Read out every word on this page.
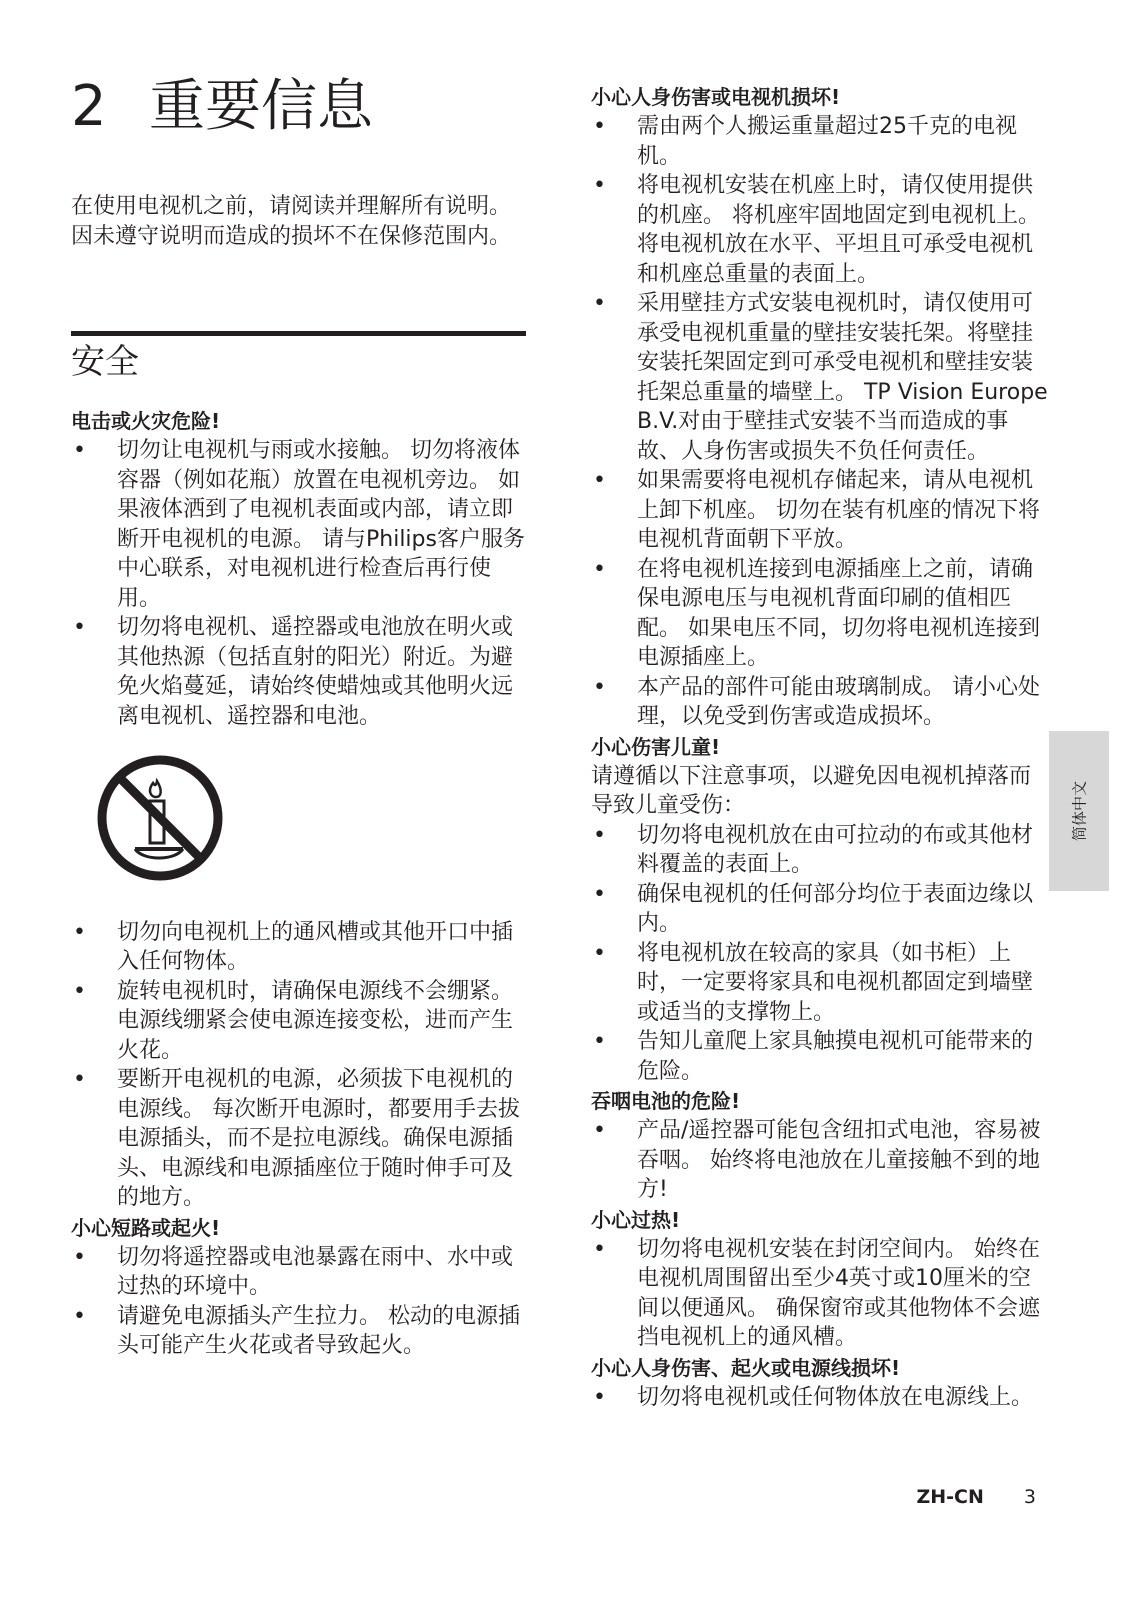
2 重要信息

在使用电视机之前，请阅读并理解所有说明。 因未遵守说明而造成的损坏不在保修范围内。

安全
电击或火灾危险!
• 切勿让电视机与雨或水接触。 切勿将液体容器（例如花瓶）放置在电视机旁边。 如果液体洒到了电视机表面或内部，请立即断开电视机的电源。 请与Philips客户服务中心联系，对电视机进行检查后再行使用。
• 切勿将电视机、遥控器或电池放在明火或其他热源（包括直射的阳光）附近。为避免火焰蔓延，请始终使蜡烛或其他明火远离电视机、遥控器和电池。
• 切勿向电视机上的通风槽或其他开口中插入任何物体。
• 旋转电视机时，请确保电源线不会绷紧。 电源线绷紧会使电源连接变松，进而产生火花。
• 要断开电视机的电源，必须拔下电视机的电源线。 每次断开电源时，都要用手去拔电源插头，而不是拉电源线。确保电源插头、电源线和电源插座位于随时伸手可及的地方。
小心短路或起火!
• 切勿将遥控器或电池暴露在雨中、水中或过热的环境中。
• 请避免电源插头产生拉力。 松动的电源插头可能产生火花或者导致起火。
小心人身伤害或电视机损坏!
• 需由两个人搬运重量超过25千克的电视机。
• 将电视机安装在机座上时，请仅使用提供的机座。 将机座牢固地固定到电视机上。 将电视机放在水平、平坦且可承受电视机和机座总重量的表面上。
• 采用壁挂方式安装电视机时，请仅使用可承受电视机重量的壁挂安装托架。将壁挂安装托架固定到可承受电视机和壁挂安装托架总重量的墙壁上。 TP Vision Europe B.V.对由于壁挂式安装不当而造成的事故、人身伤害或损失不负任何责任。
• 如果需要将电视机存储起来，请从电视机上卸下机座。 切勿在装有机座的情况下将电视机背面朝下平放。
• 在将电视机连接到电源插座上之前，请确保电源电压与电视机背面印刷的值相匹配。 如果电压不同，切勿将电视机连接到电源插座上。
• 本产品的部件可能由玻璃制成。 请小心处理，以免受到伤害或造成损坏。
小心伤害儿童!

请遵循以下注意事项，以避免因电视机掉落而导致儿童受伤：

• 切勿将电视机放在由可拉动的布或其他材料覆盖的表面上。
• 确保电视机的任何部分均位于表面边缘以内。
• 将电视机放在较高的家具（如书柜）上时，一定要将家具和电视机都固定到墙壁或适当的支撑物上。
• 告知儿童爬上家具触摸电视机可能带来的危险。
吞咽电池的危险!
• 产品/遥控器可能包含纽扣式电池，容易被吞咽。 始终将电池放在儿童接触不到的地方!
小心过热!
• 切勿将电视机安装在封闭空间内。 始终在电视机周围留出至少4英寸或10厘米的空间以便通风。 确保窗帘或其他物体不会遮挡电视机上的通风槽。
小心人身伤害、起火或电源线损坏!
• 切勿将电视机或任何物体放在电源线上。
简体中文
ZH-CN 3
